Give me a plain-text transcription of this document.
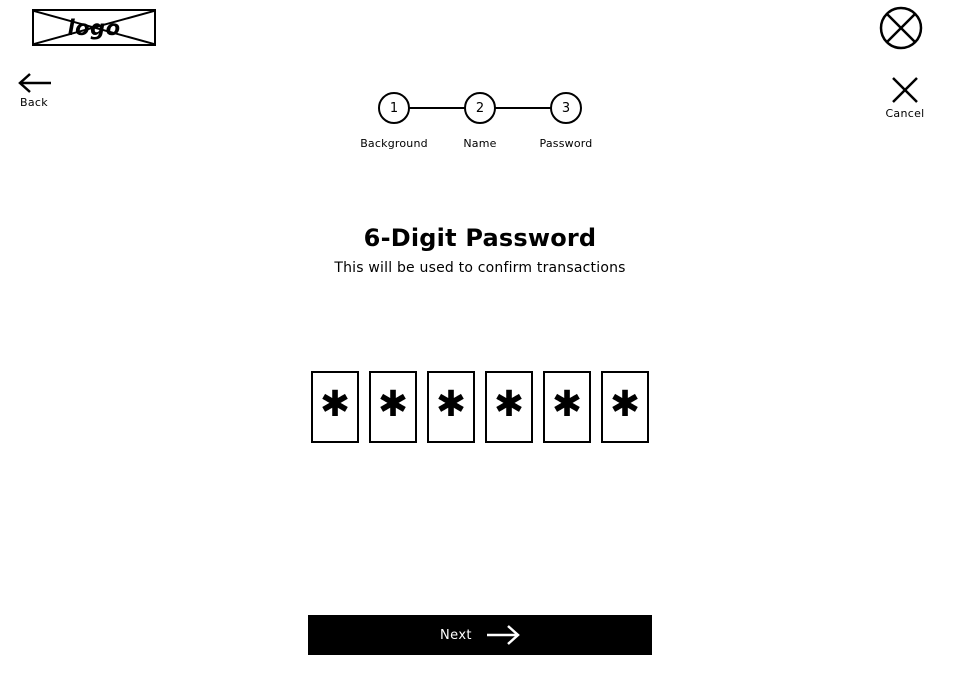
logo
Back
Cancel
1
Background
2
Name
3
Password
6-Digit Password
This will be used to confirm transactions
✱ ✱ ✱ ✱ ✱ ✱
Next
